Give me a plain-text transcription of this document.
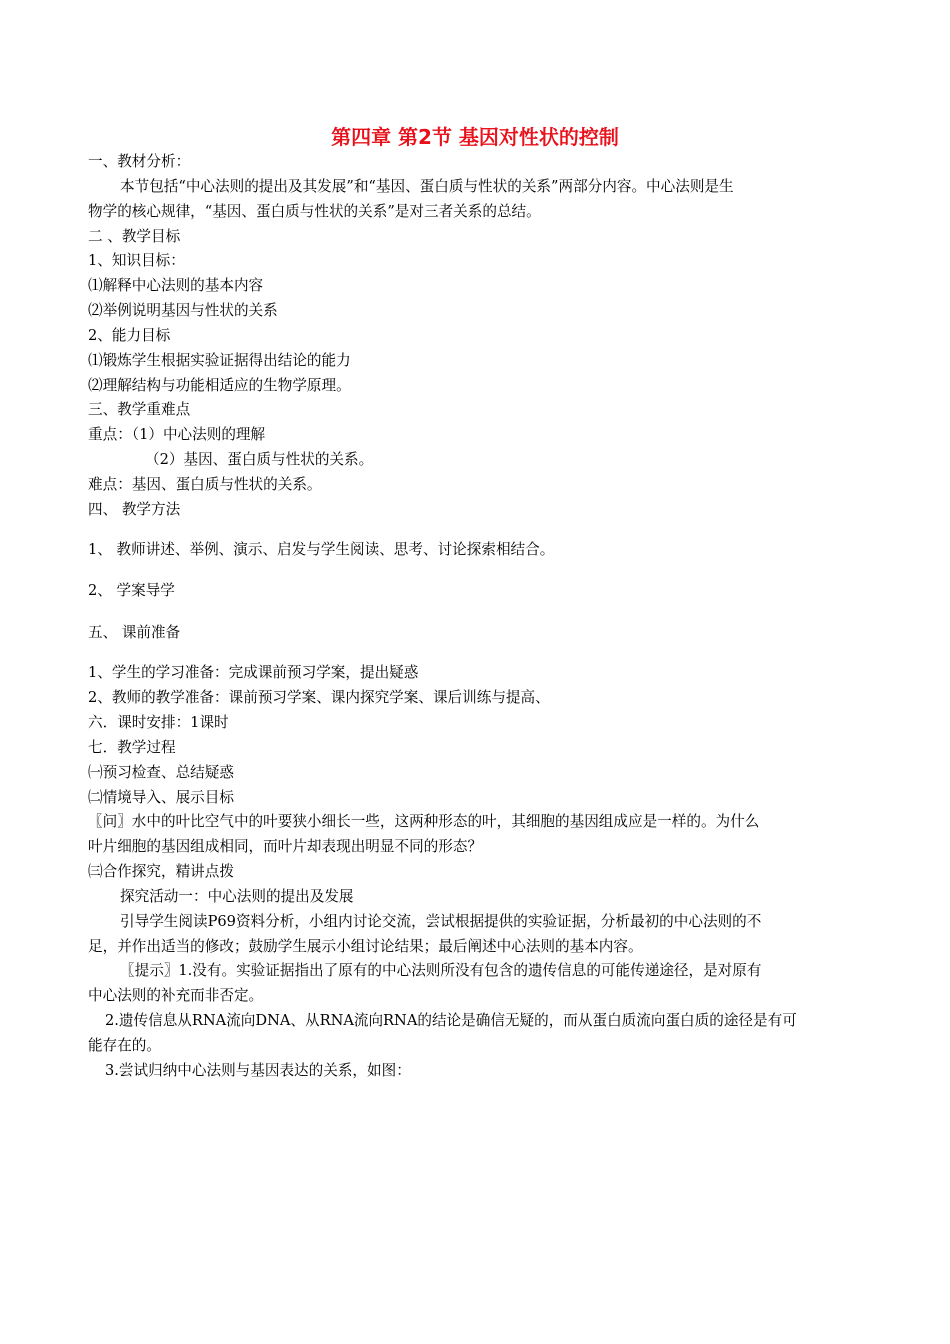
第四章 第2节 基因对性状的控制
一、教材分析：
本节包括“中心法则的提出及其发展”和“基因、蛋白质与性状的关系”两部分内容。中心法则是生
物学的核心规律，“基因、蛋白质与性状的关系”是对三者关系的总结。
二 、教学目标
1、知识目标：
⑴解释中心法则的基本内容
⑵举例说明基因与性状的关系
2、能力目标
⑴锻炼学生根据实验证据得出结论的能力
⑵理解结构与功能相适应的生物学原理。
三、教学重难点
重点：（1）中心法则的理解
（2）基因、蛋白质与性状的关系。
难点：基因、蛋白质与性状的关系。
四、 教学方法
1、 教师讲述、举例、演示、启发与学生阅读、思考、讨论探索相结合。
2、 学案导学
五、 课前准备
1、学生的学习准备：完成课前预习学案，提出疑惑
2、教师的教学准备：课前预习学案、课内探究学案、课后训练与提高、
六．课时安排：1课时
七．教学过程
㈠预习检查、总结疑惑
㈡情境导入、展示目标
〖问〗水中的叶比空气中的叶要狭小细长一些，这两种形态的叶，其细胞的基因组成应是一样的。为什么
叶片细胞的基因组成相同，而叶片却表现出明显不同的形态？
㈢合作探究，精讲点拨
探究活动一：中心法则的提出及发展
引导学生阅读P69资料分析，小组内讨论交流，尝试根据提供的实验证据，分析最初的中心法则的不
足，并作出适当的修改；鼓励学生展示小组讨论结果；最后阐述中心法则的基本内容。
〖提示〗1.没有。实验证据指出了原有的中心法则所没有包含的遗传信息的可能传递途径，是对原有
中心法则的补充而非否定。
2.遗传信息从RNA流向DNA、从RNA流向RNA的结论是确信无疑的，而从蛋白质流向蛋白质的途径是有可
能存在的。
3.尝试归纳中心法则与基因表达的关系，如图：
